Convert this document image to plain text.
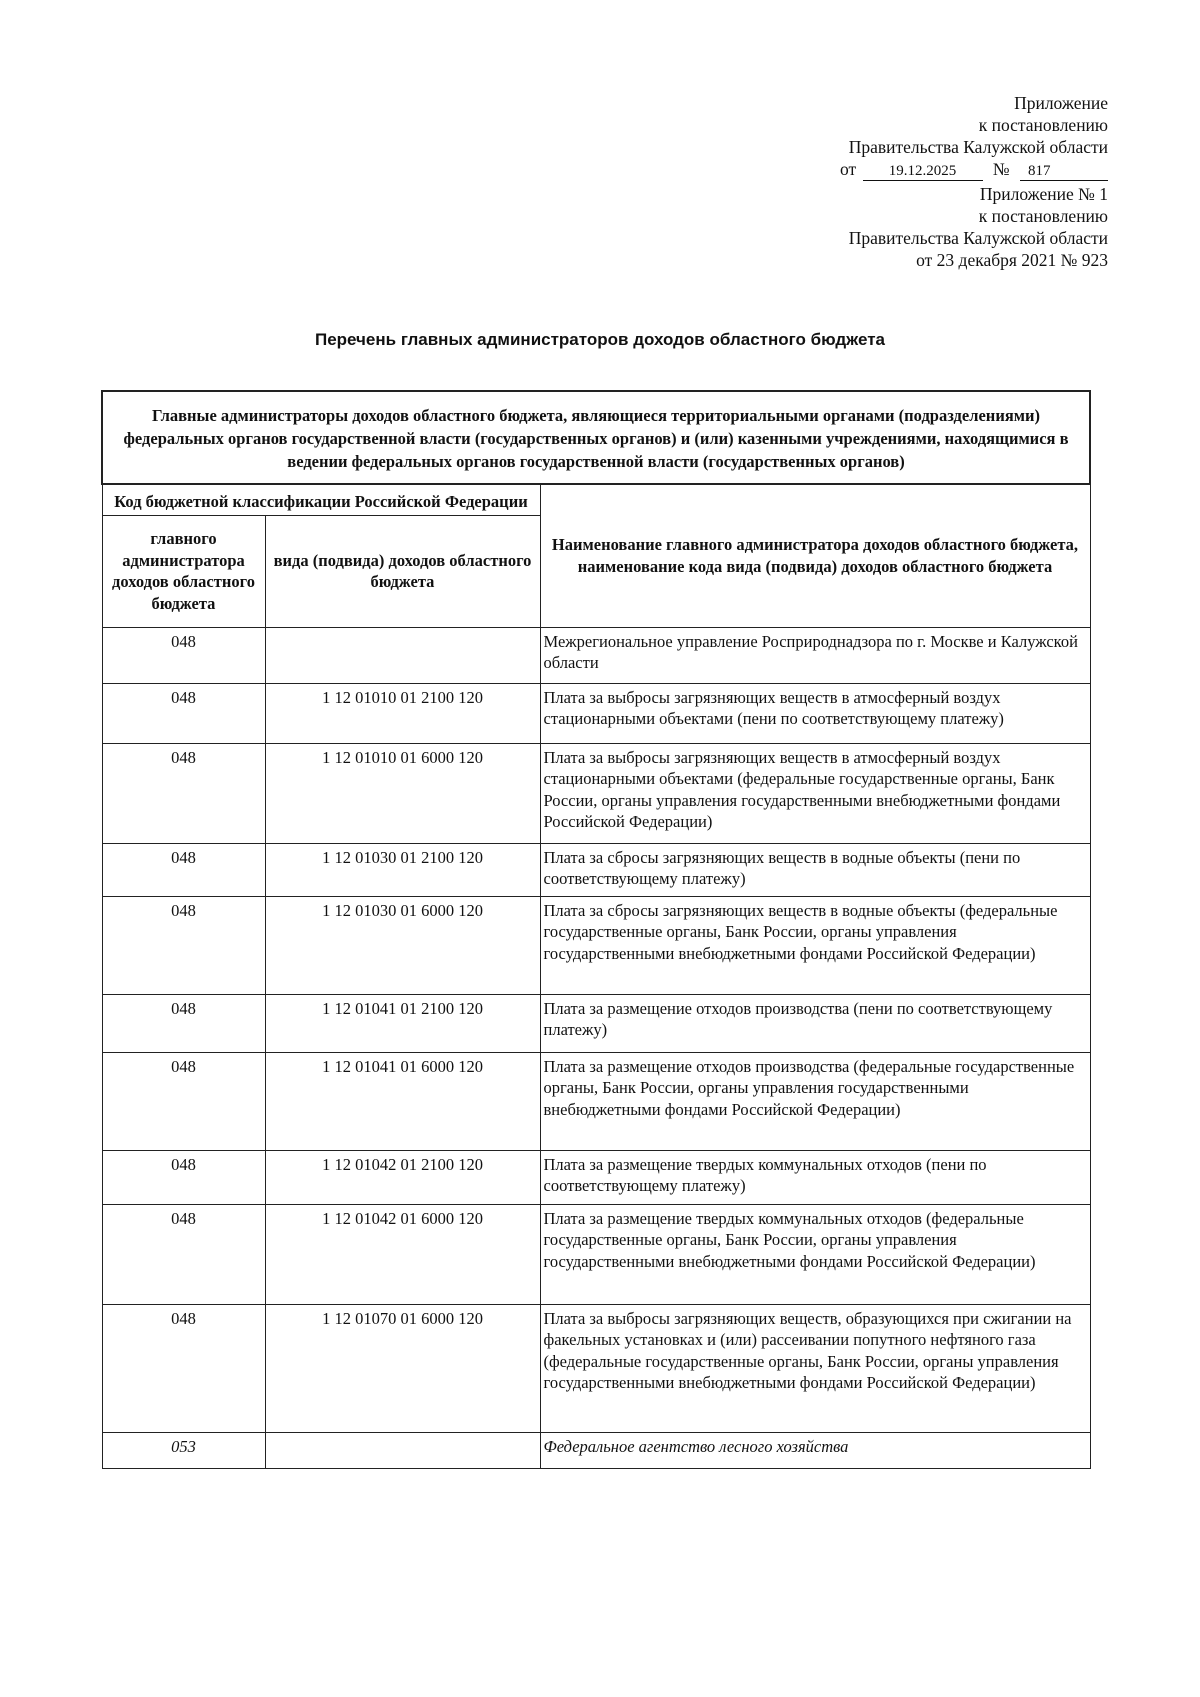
Приложение
к постановлению
Правительства Калужской области
от 19.12.2025 № 817
Приложение № 1
к постановлению
Правительства Калужской области
от 23 декабря 2021 № 923
Перечень главных администраторов доходов областного бюджета
Главные администраторы доходов областного бюджета, являющиеся территориальными органами (подразделениями) федеральных органов государственной власти (государственных органов) и (или) казенными учреждениями, находящимися в ведении федеральных органов государственной власти (государственных органов)		
Код бюджетной классификации Российской Федерации		Наименование главного администратора доходов областного бюджета, наименование кода вида (подвида) доходов областного бюджета
главного администратора доходов областного бюджета	вида (подвида) доходов областного бюджета	
048		Межрегиональное управление Росприроднадзора по г. Москве и Калужской области
048	1 12 01010 01 2100 120	Плата за выбросы загрязняющих веществ в атмосферный воздух стационарными объектами (пени по соответствующему платежу)
048	1 12 01010 01 6000 120	Плата за выбросы загрязняющих веществ в атмосферный воздух стационарными объектами (федеральные государственные органы, Банк России, органы управления государственными внебюджетными фондами Российской Федерации)
048	1 12 01030 01 2100 120	Плата за сбросы загрязняющих веществ в водные объекты (пени по соответствующему платежу)
048	1 12 01030 01 6000 120	Плата за сбросы загрязняющих веществ в водные объекты (федеральные государственные органы, Банк России, органы управления государственными внебюджетными фондами Российской Федерации)
048	1 12 01041 01 2100 120	Плата за размещение отходов производства (пени по соответствующему платежу)
048	1 12 01041 01 6000 120	Плата за размещение отходов производства (федеральные государственные органы, Банк России, органы управления государственными внебюджетными фондами Российской Федерации)
048	1 12 01042 01 2100 120	Плата за размещение твердых коммунальных отходов (пени по соответствующему платежу)
048	1 12 01042 01 6000 120	Плата за размещение твердых коммунальных отходов (федеральные государственные органы, Банк России, органы управления государственными внебюджетными фондами Российской Федерации)
048	1 12 01070 01 6000 120	Плата за выбросы загрязняющих веществ, образующихся при сжигании на факельных установках и (или) рассеивании попутного нефтяного газа (федеральные государственные органы, Банк России, органы управления государственными внебюджетными фондами Российской Федерации)
053		Федеральное агентство лесного хозяйства
